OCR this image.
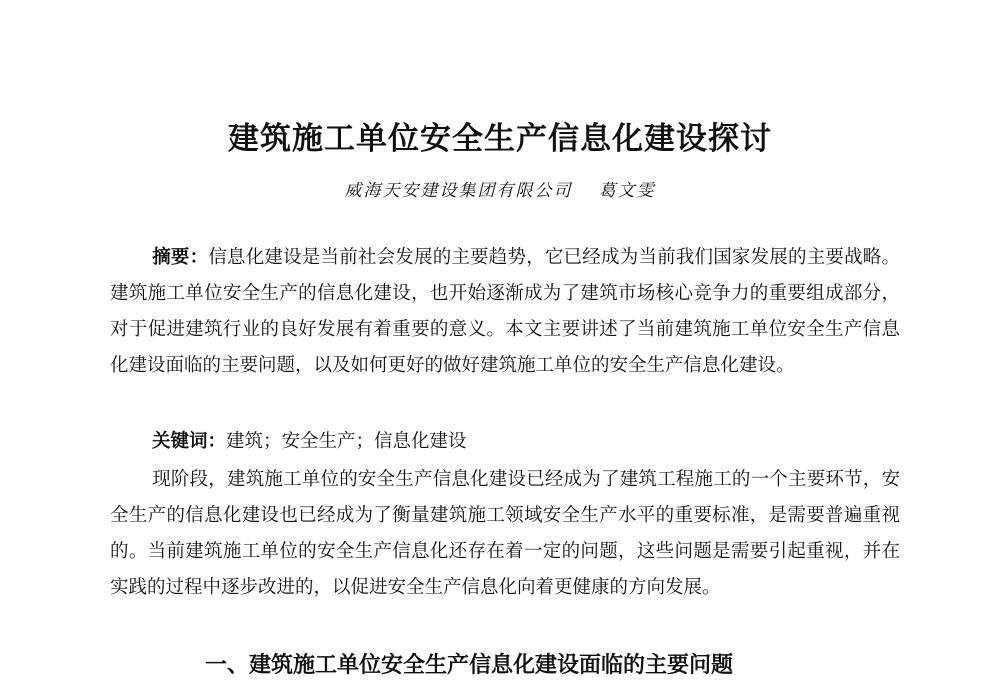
建筑施工单位安全生产信息化建设探讨
威海天安建设集团有限公司 葛文雯

摘要：信息化建设是当前社会发展的主要趋势，它已经成为当前我们国家发展的主要战略。建筑施工单位安全生产的信息化建设，也开始逐渐成为了建筑市场核心竞争力的重要组成部分，对于促进建筑行业的良好发展有着重要的意义。本文主要讲述了当前建筑施工单位安全生产信息化建设面临的主要问题，以及如何更好的做好建筑施工单位的安全生产信息化建设。

关键词：建筑；安全生产；信息化建设

现阶段，建筑施工单位的安全生产信息化建设已经成为了建筑工程施工的一个主要环节，安全生产的信息化建设也已经成为了衡量建筑施工领域安全生产水平的重要标准，是需要普遍重视的。当前建筑施工单位的安全生产信息化还存在着一定的问题，这些问题是需要引起重视，并在实践的过程中逐步改进的，以促进安全生产信息化向着更健康的方向发展。

一、建筑施工单位安全生产信息化建设面临的主要问题
